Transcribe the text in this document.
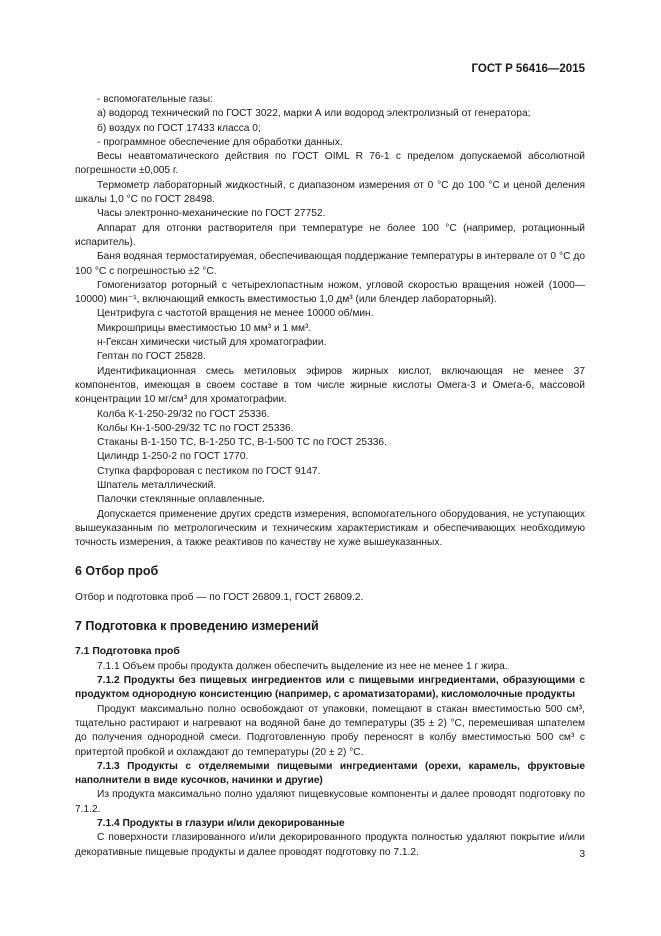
ГОСТ Р 56416—2015

- вспомогательные газы:

а) водород технический по ГОСТ 3022, марки А или водород электролизный от генератора;

б) воздух по ГОСТ 17433 класса 0;

- программное обеспечение для обработки данных.

Весы неавтоматического действия по ГОСТ OIML R 76-1 с пределом допускаемой абсолютной погрешности ±0,005 г.

Термометр лабораторный жидкостный, с диапазоном измерения от 0 °С до 100 °С и ценой деления шкалы 1,0 °С по ГОСТ 28498.

Часы электронно-механические по ГОСТ 27752.

Аппарат для отгонки растворителя при температуре не более 100 °С (например, ротационный испаритель).

Баня водяная термостатируемая, обеспечивающая поддержание температуры в интервале от 0 °С до 100 °С с погрешностью ±2 °С.

Гомогенизатор роторный с четырехлопастным ножом, угловой скоростью вращения ножей (1000—10000) мин⁻¹, включающий емкость вместимостью 1,0 дм³ (или блендер лабораторный).

Центрифуга с частотой вращения не менее 10000 об/мин.

Микрошприцы вместимостью 10 мм³ и 1 мм³.

н-Гексан химически чистый для хроматографии.

Гептан по ГОСТ 25828.

Идентификационная смесь метиловых эфиров жирных кислот, включающая не менее 37 компонентов, имеющая в своем составе в том числе жирные кислоты Омега-3 и Омега-6, массовой концентрации 10 мг/см³ для хроматографии.

Колба К-1-250-29/32 по ГОСТ 25336.

Колбы Кн-1-500-29/32 ТС по ГОСТ 25336.

Стаканы В-1-150 ТС, В-1-250 ТС, В-1-500 ТС по ГОСТ 25336.

Цилиндр 1-250-2 по ГОСТ 1770.

Ступка фарфоровая с пестиком по ГОСТ 9147.

Шпатель металлический.

Палочки стеклянные оплавленные.

Допускается применение других средств измерения, вспомогательного оборудования, не уступающих вышеуказанным по метрологическим и техническим характеристикам и обеспечивающих необходимую точность измерения, а также реактивов по качеству не хуже вышеуказанных.

6 Отбор проб

Отбор и подготовка проб — по ГОСТ 26809.1, ГОСТ 26809.2.

7 Подготовка к проведению измерений
7.1 Подготовка проб

7.1.1 Объем пробы продукта должен обеспечить выделение из нее не менее 1 г жира.

7.1.2 Продукты без пищевых ингредиентов или с пищевыми ингредиентами, образующими с продуктом однородную консистенцию (например, с ароматизаторами), кисломолочные продукты

Продукт максимально полно освобождают от упаковки, помещают в стакан вместимостью 500 см³, тщательно растирают и нагревают на водяной бане до температуры (35 ± 2) °С, перемешивая шпателем до получения однородной смеси. Подготовленную пробу переносят в колбу вместимостью 500 см³ с притертой пробкой и охлаждают до температуры (20 ± 2) °С.

7.1.3 Продукты с отделяемыми пищевыми ингредиентами (орехи, карамель, фруктовые наполнители в виде кусочков, начинки и другие)

Из продукта максимально полно удаляют пищевкусовые компоненты и далее проводят подготовку по 7.1.2.

7.1.4 Продукты в глазури и/или декорированные

С поверхности глазированного и/или декорированного продукта полностью удаляют покрытие и/или декоративные пищевые продукты и далее проводят подготовку по 7.1.2.	3
